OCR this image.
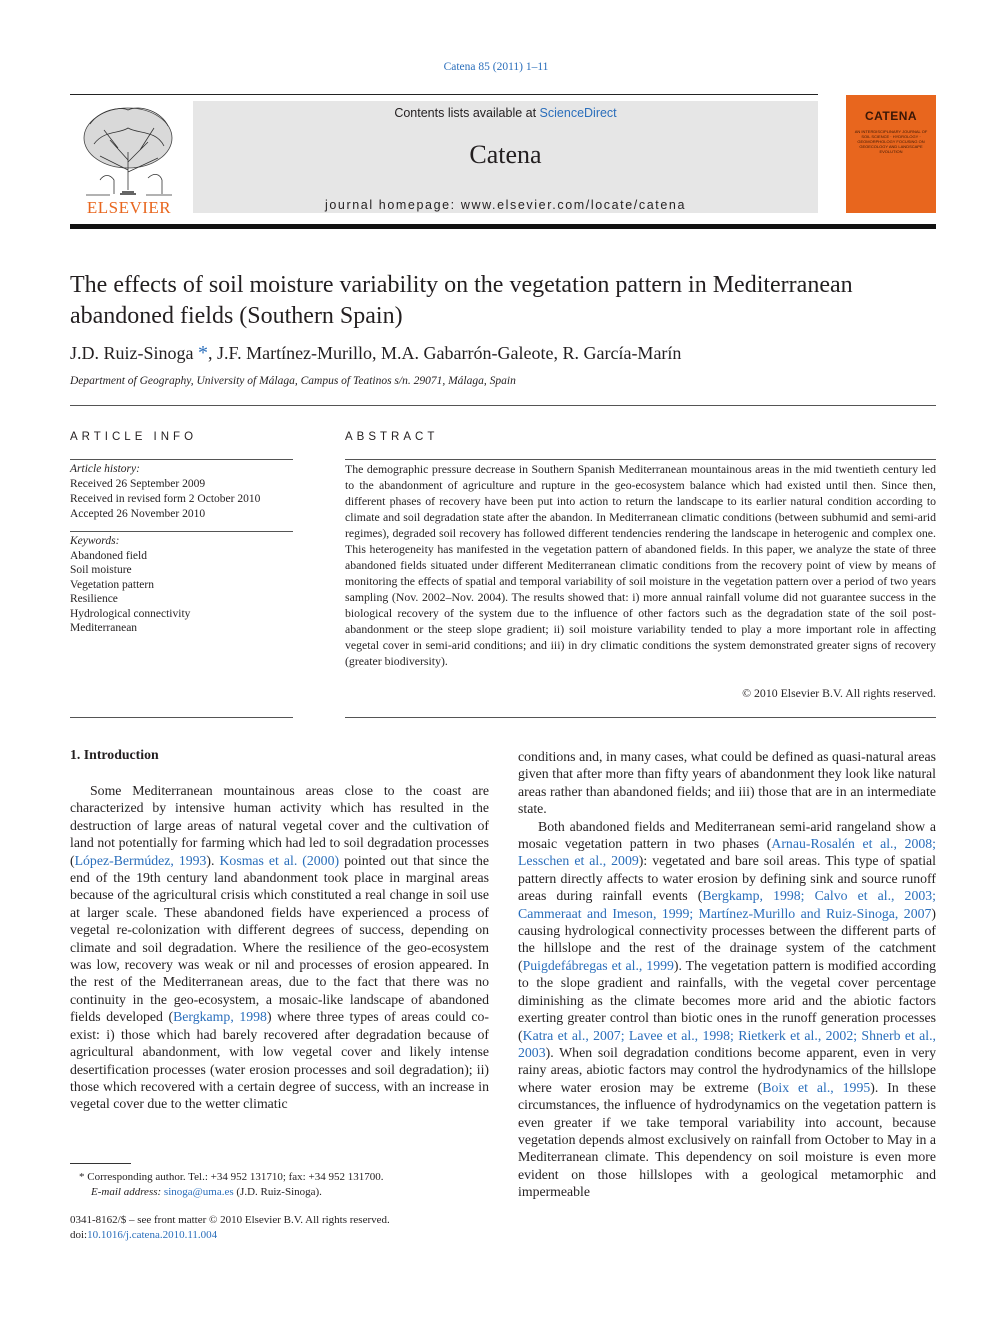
Catena 85 (2011) 1–11
ELSEVIER
Contents lists available at ScienceDirect
Catena
journal homepage: www.elsevier.com/locate/catena
CATENA
AN INTERDISCIPLINARY JOURNAL OF SOIL SCIENCE · HYDROLOGY · GEOMORPHOLOGY FOCUSING ON GEOECOLOGY AND LANDSCAPE EVOLUTION
The effects of soil moisture variability on the vegetation pattern in Mediterranean abandoned fields (Southern Spain)
J.D. Ruiz-Sinoga *, J.F. Martínez-Murillo, M.A. Gabarrón-Galeote, R. García-Marín
Department of Geography, University of Málaga, Campus of Teatinos s/n. 29071, Málaga, Spain
ARTICLE INFO
Article history:
Received 26 September 2009
Received in revised form 2 October 2010
Accepted 26 November 2010
Keywords:
Abandoned field
Soil moisture
Vegetation pattern
Resilience
Hydrological connectivity
Mediterranean
ABSTRACT
The demographic pressure decrease in Southern Spanish Mediterranean mountainous areas in the mid twentieth century led to the abandonment of agriculture and rupture in the geo-ecosystem balance which had existed until then. Since then, different phases of recovery have been put into action to return the landscape to its earlier natural condition according to climate and soil degradation state after the abandon. In Mediterranean climatic conditions (between subhumid and semi-arid regimes), degraded soil recovery has followed different tendencies rendering the landscape in heterogenic and complex one. This heterogeneity has manifested in the vegetation pattern of abandoned fields. In this paper, we analyze the state of three abandoned fields situated under different Mediterranean climatic conditions from the recovery point of view by means of monitoring the effects of spatial and temporal variability of soil moisture in the vegetation pattern over a period of two years sampling (Nov. 2002–Nov. 2004). The results showed that: i) more annual rainfall volume did not guarantee success in the biological recovery of the system due to the influence of other factors such as the degradation state of the soil post-abandonment or the steep slope gradient; ii) soil moisture variability tended to play a more important role in affecting vegetal cover in semi-arid conditions; and iii) in dry climatic conditions the system demonstrated greater signs of recovery (greater biodiversity).
© 2010 Elsevier B.V. All rights reserved.
1. Introduction

Some Mediterranean mountainous areas close to the coast are characterized by intensive human activity which has resulted in the destruction of large areas of natural vegetal cover and the cultivation of land not potentially for farming which had led to soil degradation processes (López-Bermúdez, 1993). Kosmas et al. (2000) pointed out that since the end of the 19th century land abandonment took place in marginal areas because of the agricultural crisis which constituted a real change in soil use at larger scale. These abandoned fields have experienced a process of vegetal re-colonization with different degrees of success, depending on climate and soil degradation. Where the resilience of the geo-ecosystem was low, recovery was weak or nil and processes of erosion appeared. In the rest of the Mediterranean areas, due to the fact that there was no continuity in the geo-ecosystem, a mosaic-like landscape of abandoned fields developed (Bergkamp, 1998) where three types of areas could co-exist: i) those which had barely recovered after degradation because of agricultural abandonment, with low vegetal cover and likely intense desertification processes (water erosion processes and soil degradation); ii) those which recovered with a certain degree of success, with an increase in vegetal cover due to the wetter climatic

conditions and, in many cases, what could be defined as quasi-natural areas given that after more than fifty years of abandonment they look like natural areas rather than abandoned fields; and iii) those that are in an intermediate state.

Both abandoned fields and Mediterranean semi-arid rangeland show a mosaic vegetation pattern in two phases (Arnau-Rosalén et al., 2008; Lesschen et al., 2009): vegetated and bare soil areas. This type of spatial pattern directly affects to water erosion by defining sink and source runoff areas during rainfall events (Bergkamp, 1998; Calvo et al., 2003; Cammeraat and Imeson, 1999; Martínez-Murillo and Ruiz-Sinoga, 2007) causing hydrological connectivity processes between the different parts of the hillslope and the rest of the drainage system of the catchment (Puigdefábregas et al., 1999). The vegetation pattern is modified according to the slope gradient and rainfalls, with the vegetal cover percentage diminishing as the climate becomes more arid and the abiotic factors exerting greater control than biotic ones in the runoff generation processes (Katra et al., 2007; Lavee et al., 1998; Rietkerk et al., 2002; Shnerb et al., 2003). When soil degradation conditions become apparent, even in very rainy areas, abiotic factors may control the hydrodynamics of the hillslope where water erosion may be extreme (Boix et al., 1995). In these circumstances, the influence of hydrodynamics on the vegetation pattern is even greater if we take temporal variability into account, because vegetation depends almost exclusively on rainfall from October to May in a Mediterranean climate. This dependency on soil moisture is even more evident on those hillslopes with a geological metamorphic and impermeable

* Corresponding author. Tel.: +34 952 131710; fax: +34 952 131700.
E-mail address: sinoga@uma.es (J.D. Ruiz-Sinoga).
0341-8162/$ – see front matter © 2010 Elsevier B.V. All rights reserved.
doi:10.1016/j.catena.2010.11.004
